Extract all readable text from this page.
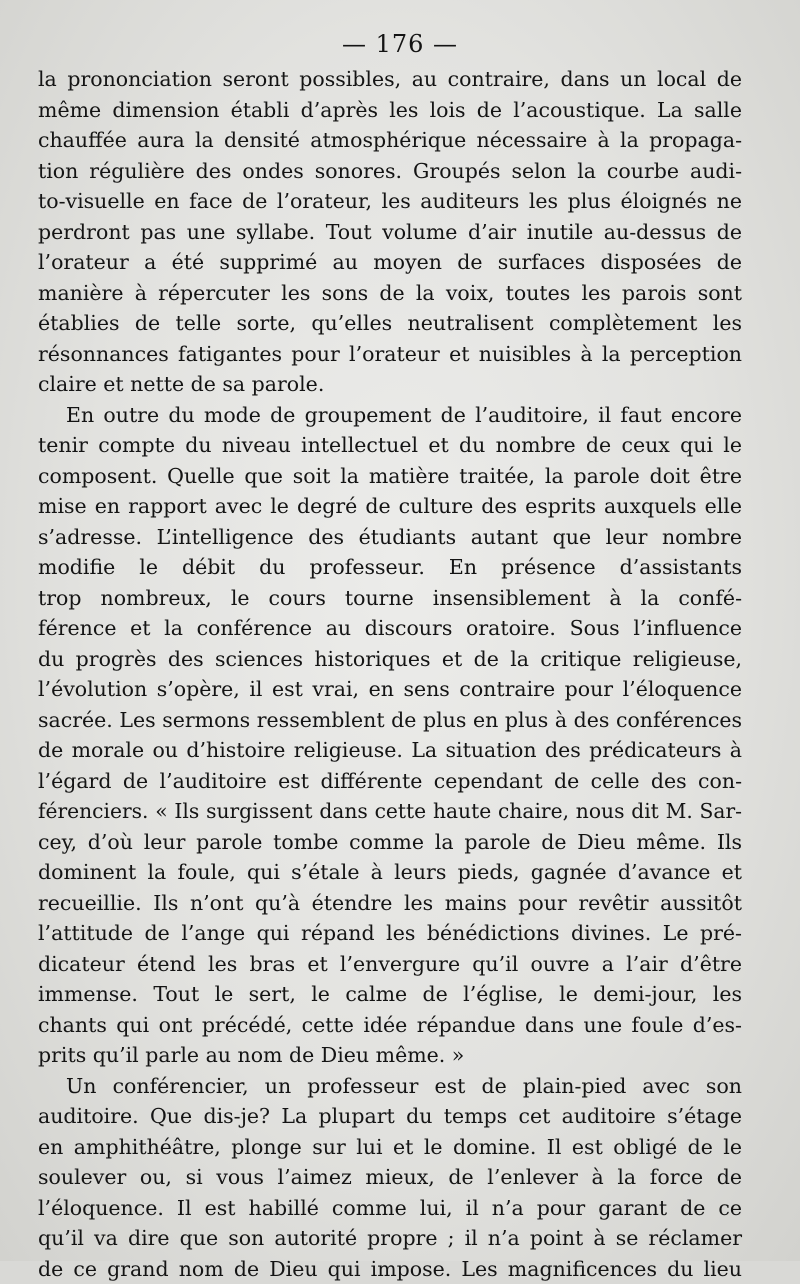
— 176 —
la prononciation seront possibles, au contraire, dans un local de
même dimension établi d’après les lois de l’acoustique. La salle
chauffée aura la densité atmosphérique nécessaire à la propaga-
tion régulière des ondes sonores. Groupés selon la courbe audi-
to-visuelle en face de l’orateur, les auditeurs les plus éloignés ne
perdront pas une syllabe. Tout volume d’air inutile au-dessus de
l’orateur a été supprimé au moyen de surfaces disposées de
manière à répercuter les sons de la voix, toutes les parois sont
établies de telle sorte, qu’elles neutralisent complètement les
résonnances fatigantes pour l’orateur et nuisibles à la perception
claire et nette de sa parole.
En outre du mode de groupement de l’auditoire, il faut encore
tenir compte du niveau intellectuel et du nombre de ceux qui le
composent. Quelle que soit la matière traitée, la parole doit être
mise en rapport avec le degré de culture des esprits auxquels elle
s’adresse. L’intelligence des étudiants autant que leur nombre
modifie le débit du professeur. En présence d’assistants
trop nombreux, le cours tourne insensiblement à la confé-
férence et la conférence au discours oratoire. Sous l’influence
du progrès des sciences historiques et de la critique religieuse,
l’évolution s’opère, il est vrai, en sens contraire pour l’éloquence
sacrée. Les sermons ressemblent de plus en plus à des conférences
de morale ou d’histoire religieuse. La situation des prédicateurs à
l’égard de l’auditoire est différente cependant de celle des con-
férenciers. « Ils surgissent dans cette haute chaire, nous dit M. Sar-
cey, d’où leur parole tombe comme la parole de Dieu même. Ils
dominent la foule, qui s’étale à leurs pieds, gagnée d’avance et
recueillie. Ils n’ont qu’à étendre les mains pour revêtir aussitôt
l’attitude de l’ange qui répand les bénédictions divines. Le pré-
dicateur étend les bras et l’envergure qu’il ouvre a l’air d’être
immense. Tout le sert, le calme de l’église, le demi-jour, les
chants qui ont précédé, cette idée répandue dans une foule d’es-
prits qu’il parle au nom de Dieu même. »
Un conférencier, un professeur est de plain-pied avec son
auditoire. Que dis-je? La plupart du temps cet auditoire s’étage
en amphithéâtre, plonge sur lui et le domine. Il est obligé de le
soulever ou, si vous l’aimez mieux, de l’enlever à la force de
l’éloquence. Il est habillé comme lui, il n’a pour garant de ce
qu’il va dire que son autorité propre ; il n’a point à se réclamer
de ce grand nom de Dieu qui impose. Les magnificences du lieu
